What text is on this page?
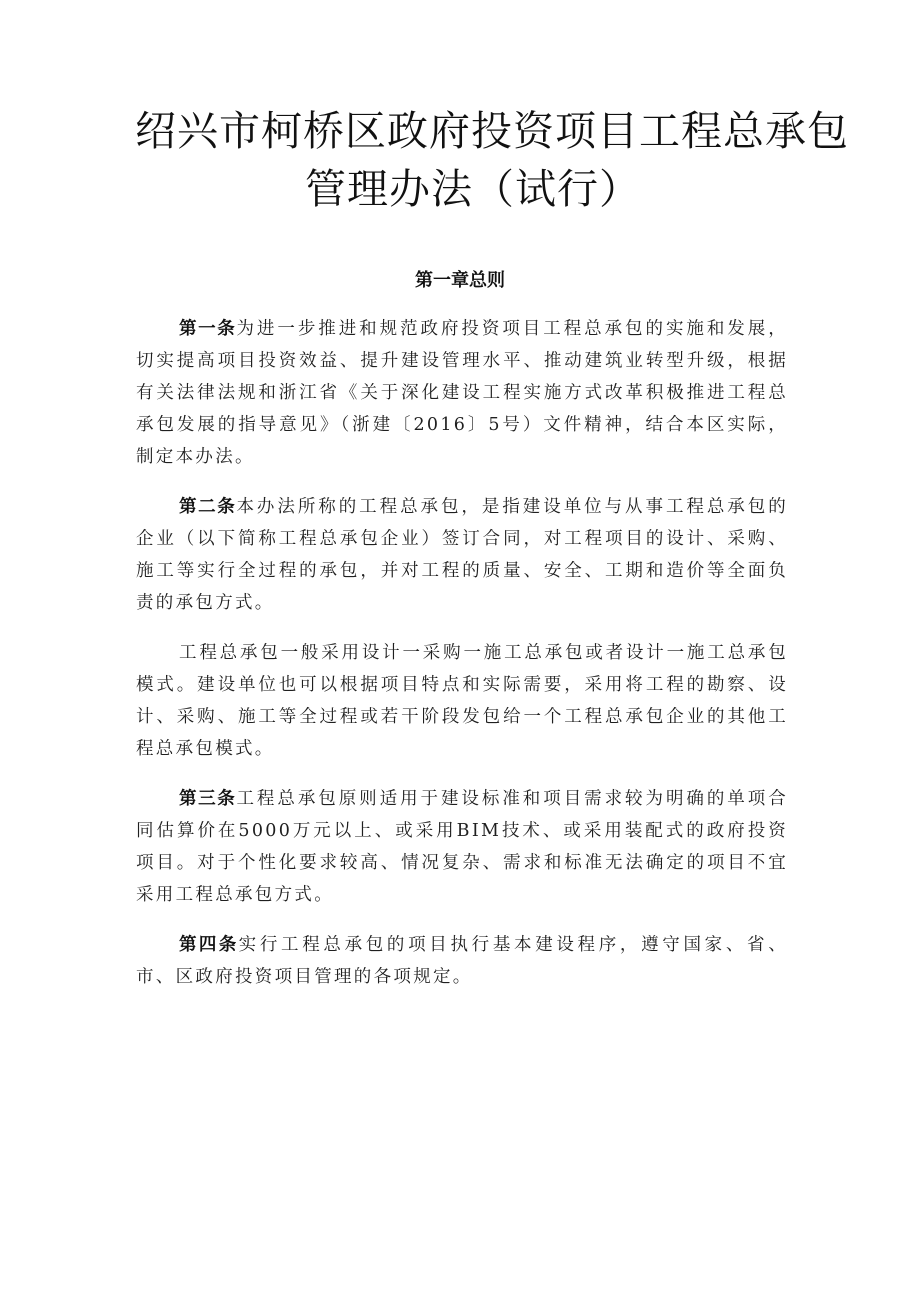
绍兴市柯桥区政府投资项目工程总承包
管理办法（试行）
第一章总则

第一条为进一步推进和规范政府投资项目工程总承包的实施和发展，切实提高项目投资效益、提升建设管理水平、推动建筑业转型升级，根据有关法律法规和浙江省《关于深化建设工程实施方式改革积极推进工程总承包发展的指导意见》（浙建〔2016〕5号）文件精神，结合本区实际，制定本办法。

第二条本办法所称的工程总承包，是指建设单位与从事工程总承包的企业（以下简称工程总承包企业）签订合同，对工程项目的设计、采购、施工等实行全过程的承包，并对工程的质量、安全、工期和造价等全面负责的承包方式。

工程总承包一般采用设计一采购一施工总承包或者设计一施工总承包模式。建设单位也可以根据项目特点和实际需要，采用将工程的勘察、设计、采购、施工等全过程或若干阶段发包给一个工程总承包企业的其他工程总承包模式。

第三条工程总承包原则适用于建设标准和项目需求较为明确的单项合同估算价在5000万元以上、或采用BIM技术、或采用装配式的政府投资项目。对于个性化要求较高、情况复杂、需求和标准无法确定的项目不宜采用工程总承包方式。

第四条实行工程总承包的项目执行基本建设程序，遵守国家、省、市、区政府投资项目管理的各项规定。
